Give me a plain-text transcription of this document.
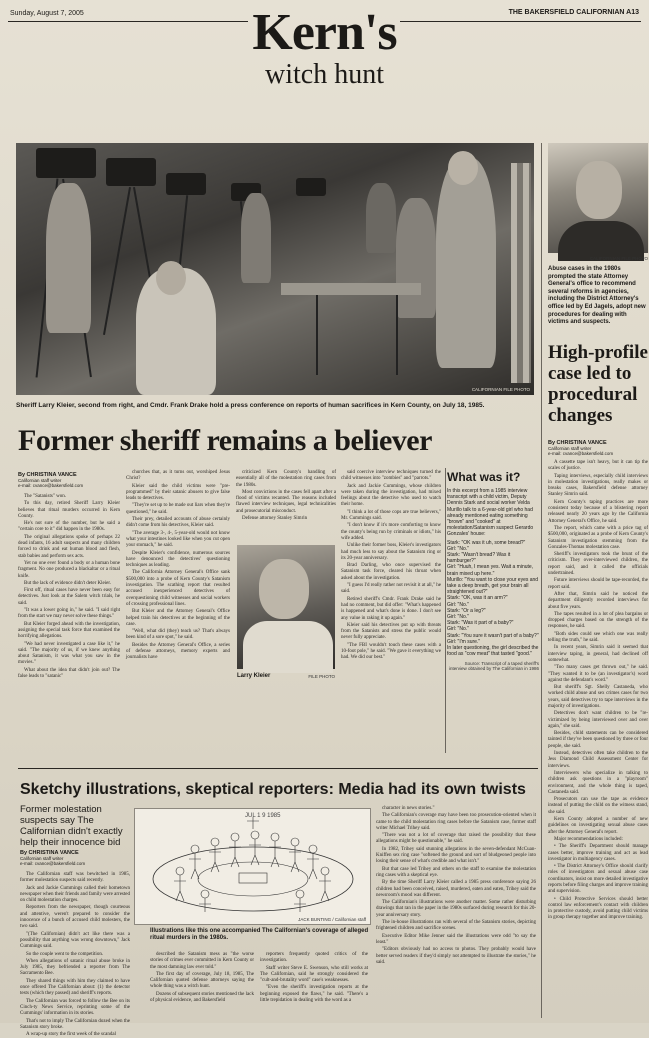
Sunday, August 7, 2005	THE BAKERSFIELD CALIFORNIAN A13
Kern's
witch hunt
CALIFORNIAN FILE PHOTO
Sheriff Larry Kleier, second from right, and Cmdr. Frank Drake hold a press conference on reports of human sacrifices in Kern County, on July 18, 1985.
CALIFORNIAN FILE PHOTO
Abuse cases in the 1980s prompted the state Attorney General's office to recommend several reforms in agencies, including the District Attorney's office led by Ed Jagels, adopt new procedures for dealing with victims and suspects.
High-profile case led to procedural changes
By CHRISTINA VANCE
Californian staff writer
e-mail: cvance@bakersfield.com

A cassette tape isn't heavy, but it can tip the scales of justice.

Taping interviews, especially child interviews in molestation investigations, really makes or breaks cases, Bakersfield defense attorney Stanley Simrin said.

Kern County's taping practices are more consistent today because of a blistering report released nearly 20 years ago by the California Attorney General's Office, he said.

The report, which came with a price tag of $500,000, originated as a probe of Kern County's Satanism investigation stemming from the Gonzales-Thomas molestation case.

Sheriff's investigators took the brunt of the criticism. They over-interviewed children, the report said, and it called the officials undertrained.

Future interviews should be tape-recorded, the report said.

After that, Simrin said he noticed the department diligently recorded interviews for about five years.

The tapes resulted in a lot of plea bargains or dropped charges based on the strength of the responses, he said.

"Both sides could see which one was really telling the truth," he said.

In recent years, Simrin said it seemed that interview taping, in general, had declined off somewhat.

"Too many cases get thrown out," he said. "They wanted it to be (an investigator's) word against the defendant's word."

But sheriff's Sgt. Shelly Castaneda, who worked child abuse and sex crimes cases for two years, said detectives try to tape interviews in the majority of investigations.

Detectives don't want children to be "re-victimized by being interviewed over and over again," she said.

Besides, child statements can be considered tainted if they've been questioned by three or four people, she said.

Instead, detectives often take children to the Jess Diamond Child Assessment Center for interviews.

Interviewers who specialize in talking to children ask questions in a "playroom" environment, and the whole thing is taped, Castaneda said.

Prosecutors can use the tape as evidence instead of putting the child on the witness stand, she said.

Kern County adopted a number of new guidelines on investigating sexual abuse cases after the Attorney General's report.

Major recommendations included:

• The Sheriff's Department should manage cases better, improve training and act as lead investigator in multiagency cases.

• The District Attorney's Office should clarify roles of investigators and sexual abuse case coordinators, insist on more detailed investigative reports before filing charges and improve training and supervision.

• Child Protective Services should better control law enforcement's contact with children in protective custody, avoid putting child victims in group therapy together and improve training.

Former sheriff remains a believer
By CHRISTINA VANCE
Californian staff writer
e-mail: cvance@bakersfield.com

The "Satanists" won.

To this day, retired Sheriff Larry Kleier believes that ritual murders occurred in Kern County.

He's not sure of the number, but he said a "certain core to it" did happen in the 1980s.

The original allegations spoke of perhaps 22 dead infants, 16 adult suspects and many children forced to drink and eat human blood and flesh, stab babies and perform sex acts.

Yet no one ever found a body or a human bone fragment. No one produced a blackaltar or a ritual knife.

But the lack of evidence didn't deter Kleier.

First off, ritual cases have never been easy for detectives. Just look at the Salem witch trials, he said.

"It was a lower going in," he said. "I said right from the start we may never solve these things."

But Kleier forged ahead with the investigation, assigning the special task force that examined the horrifying allegations.

"We had never investigated a case like it," he said. "The majority of us, if we knew anything about Satanism, it was what you saw in the movies."

What about the idea that didn't join out? The false leads to "satanic"

churches that, as it turns out, worshiped Jesus Christ?

Kleier said the child victims were "pre-programmed" by their satanic abusers to give false leads to detectives.

"They're set up to be made out liars when they're questioned," he said.

Their prey, detailed accounts of abuse certainly didn't come from his detectives, Kleier said.

"The average 3-, 4-, 5-year-old would not know what your intestines looked like when you cut open your stomach," he said.

Despite Kleier's confidence, numerous sources have denounced the detectives' questioning techniques as leading.

The California Attorney General's Office sank $500,000 into a probe of Kern County's Satanism investigation. The scathing report that resulted accused inexperienced detectives of overquestioning child witnesses and social workers of crossing professional lines.

But Kleier and the Attorney General's Office helped train his detectives at the beginning of the case.

"Well, what did (they) teach us? That's always been kind of a sore spot," he said.

Besides the Attorney General's Office, a series of defense attorneys, memory experts and journalists have

criticized Kern County's handling of essentially all of the molestation ring cases from the 1980s.

Most convictions in the cases fell apart after a flood of victims recanted. The reasons included flawed interview techniques, legal technicalities and prosecutorial misconduct.

Defense attorney Stanley Simrin

Larry Kleier	FILE PHOTO

said coercive interview techniques turned the child witnesses into "zombies" and "parrots."

Jack and Jackie Cummings, whose children were taken during the investigation, had mixed feelings about the detective who used to watch their home.

"I think a lot of those cops are true believers," Mr. Cummings said.

"I don't know if it's more comforting to know the county's being run by criminals or idiots," his wife added.

Unlike their former boss, Kleier's investigators had much less to say about the Satanism ring or its 20-year anniversary.

Brad Darling, who once supervised the Satanism task force, cleared his throat when asked about the investigation.

"I guess I'd really rather not revisit it at all," he said.

Retired sheriff's Cmdr. Frank Drake said he had no comment, but did offer: "What's happened is happened and what's done is done. I don't see any value in raking it up again."

Kleier said his detectives put up with threats from the Satanists and stress the public would never fully appreciate.

"The FBI wouldn't touch these cases with a 10-foot pole," he said. "We gave it everything we had. We did our best."

What was it?
In this excerpt from a 1985 interview transcript with a child victim, Deputy Dennis Stark and social worker Velda Murillo talk to a 6-year-old girl who had already mentioned eating something "brown" and "cooked" at molestation/Satanism suspect Gerardo Gonzales' house:
Stark: "OK was it uh, some bread?"
Girl: "No."
Stark: "Wasn't bread? Was it hamburger?"
Girl: "Huuh, I mean yes. Wait a minute, brain mixed up here."
Murillo: "You want to close your eyes and take a deep breath, get your brain all straightened out?"
Stark: "OK, was it an arm?"
Girl: "No."
Stark: "Or a leg?"
Girl: "No."
Stark: "Was it part of a baby?"
Girl: "No."
Stark: "You sure it wasn't part of a baby?"
Girl: "I'm sure."
In later questioning, the girl described the food as "cow meat" that tasted "good."
Source: Transcript of a taped sheriff's interview obtained by The Californian in 1986
Sketchy illustrations, skeptical reporters: Media had its own twists
Former molestation suspects say The Californian didn't exactly help their innocence bid
By CHRISTINA VANCE
Californian staff writer
e-mail: cvance@bakersfield.com

The Californian staff was bewitched in 1985, former molestation suspects said recently.

Jack and Jackie Cummings called their hometown newspaper when their friends and family were arrested on child molestation charges.

Reporters from the newspaper, though courteous and attentive, weren't prepared to consider the innocence of a bunch of accused child molesters, the two said.

"(The Californian) didn't act like there was a possibility that anything was wrong downtown," Jack Cummings said.

So the couple went to the competition.

When allegations of satanic ritual abuse broke in July 1985, they befriended a reporter from The Sacramento Bee.

They shared things with him they claimed to have once offered The Californian about: (1) the detector tests (which they passed) and sheriff's reports.

The Californian was forced to follow the Bee on its Cinch-ty News Service, reprinting some of the Cummings' information in its stories.

That's not to imply The Californian dozed when the Satanism story broke.

A wrap-up story the first week of the scandal

JUL 1 9 1985
JACK BUNTING / Californian staff
Illustrations like this one accompanied The Californian's coverage of alleged ritual murders in the 1980s.

described the Satanism mess as "the worse stories of crimes ever committed in Kern County or the most damning law ever told."

The first day of coverage, July 18, 1985, The Californian quoted defense attorneys saying the whole thing was a witch hunt.

Dozens of subsequent stories mentioned the lack of physical evidence, and Bakersfield

reporters frequently quoted critics of the investigation.

Staff writer Steve E. Swenson, who still works at The Californian, said he strongly considered the "cult-and-brutality word" case's weaknesses.

"Even the sheriff's investigation reports at the beginning exposed the flaws," he said. "There's a little trepidation in dealing with the word as a

character in news stories."

The Californian's coverage may have been too prosecution-oriented when it came to the child molestation ring cases before the Satanism case, former staff writer Michael Trihey said.

"There was not a lot of coverage that raised the possibility that these allegations might be questionable," he said.

In 1982, Trihey said stunning allegations in the seven-defendant McCuan-Kniffen sex ring case "softened the ground and sort of bludgeoned people into losing their sense of what's credible and what isn't."

But that case led Trihey and others on the staff to examine the molestation ring cases with a skeptical eye.

By the time Sheriff Larry Kleier called a 1985 press conference saying 26 children had been conceived, raised, murdered, eaten and eaten, Trihey said the newsroom's mood was different.

The Californian's illustrations were another matter. Some rather disturbing drawings that ran in the paper in the 1980s surfaced during research for this 20-year anniversary story.

The in-house illustrations ran with several of the Satanism stories, depicting frightened children and sacrifice scenes.

Executive Editor Mike Jenner said the illustrations were odd "to say the least."

"Editors obviously had no access to photos. They probably would have better served readers if they'd simply not attempted to illustrate the stories," he said.
